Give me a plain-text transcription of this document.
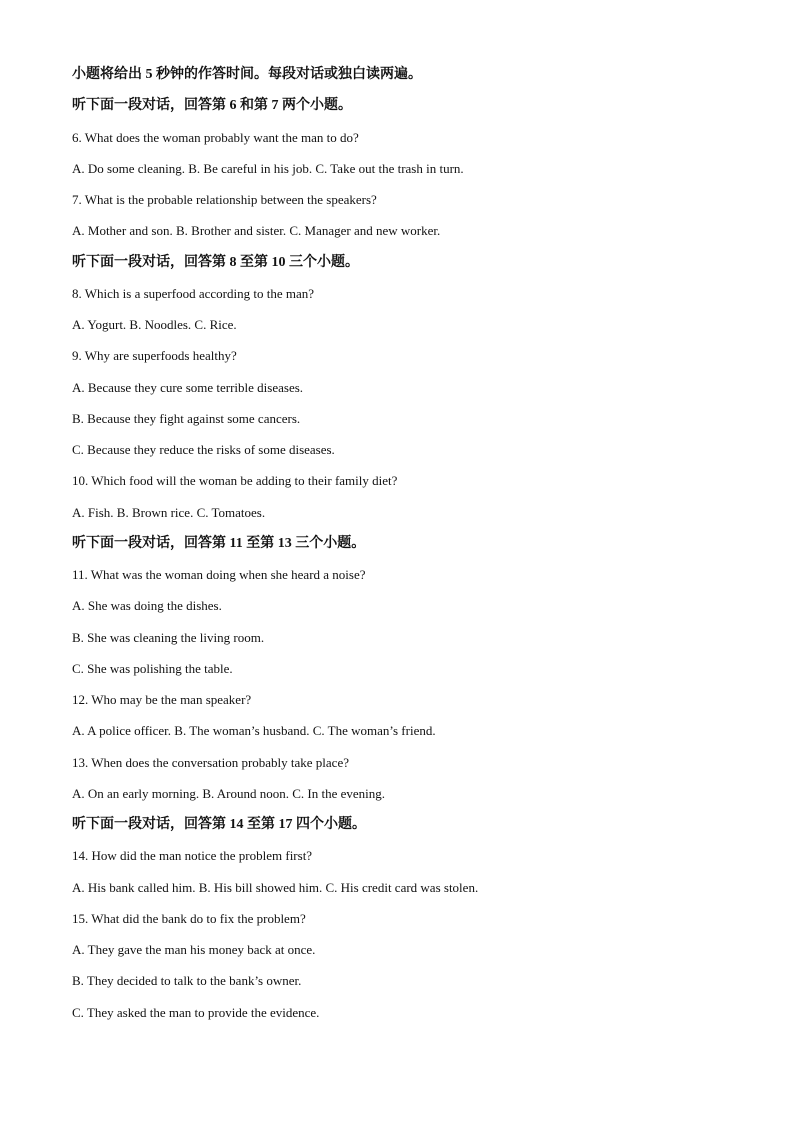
小题将给出 5 秒钟的作答时间。每段对话或独白读两遍。
听下面一段对话，回答第 6 和第 7 两个小题。
6. What does the woman probably want the man to do?
A. Do some cleaning. B. Be careful in his job. C. Take out the trash in turn.
7. What is the probable relationship between the speakers?
A. Mother and son. B. Brother and sister. C. Manager and new worker.
听下面一段对话，回答第 8 至第 10 三个小题。
8. Which is a superfood according to the man?
A. Yogurt. B. Noodles. C. Rice.
9. Why are superfoods healthy?
A. Because they cure some terrible diseases.
B. Because they fight against some cancers.
C. Because they reduce the risks of some diseases.
10. Which food will the woman be adding to their family diet?
A. Fish. B. Brown rice. C. Tomatoes.
听下面一段对话，回答第 11 至第 13 三个小题。
11. What was the woman doing when she heard a noise?
A. She was doing the dishes.
B. She was cleaning the living room.
C. She was polishing the table.
12. Who may be the man speaker?
A. A police officer. B. The woman’s husband. C. The woman’s friend.
13. When does the conversation probably take place?
A. On an early morning. B. Around noon. C. In the evening.
听下面一段对话，回答第 14 至第 17 四个小题。
14. How did the man notice the problem first?
A. His bank called him. B. His bill showed him. C. His credit card was stolen.
15. What did the bank do to fix the problem?
A. They gave the man his money back at once.
B. They decided to talk to the bank’s owner.
C. They asked the man to provide the evidence.
